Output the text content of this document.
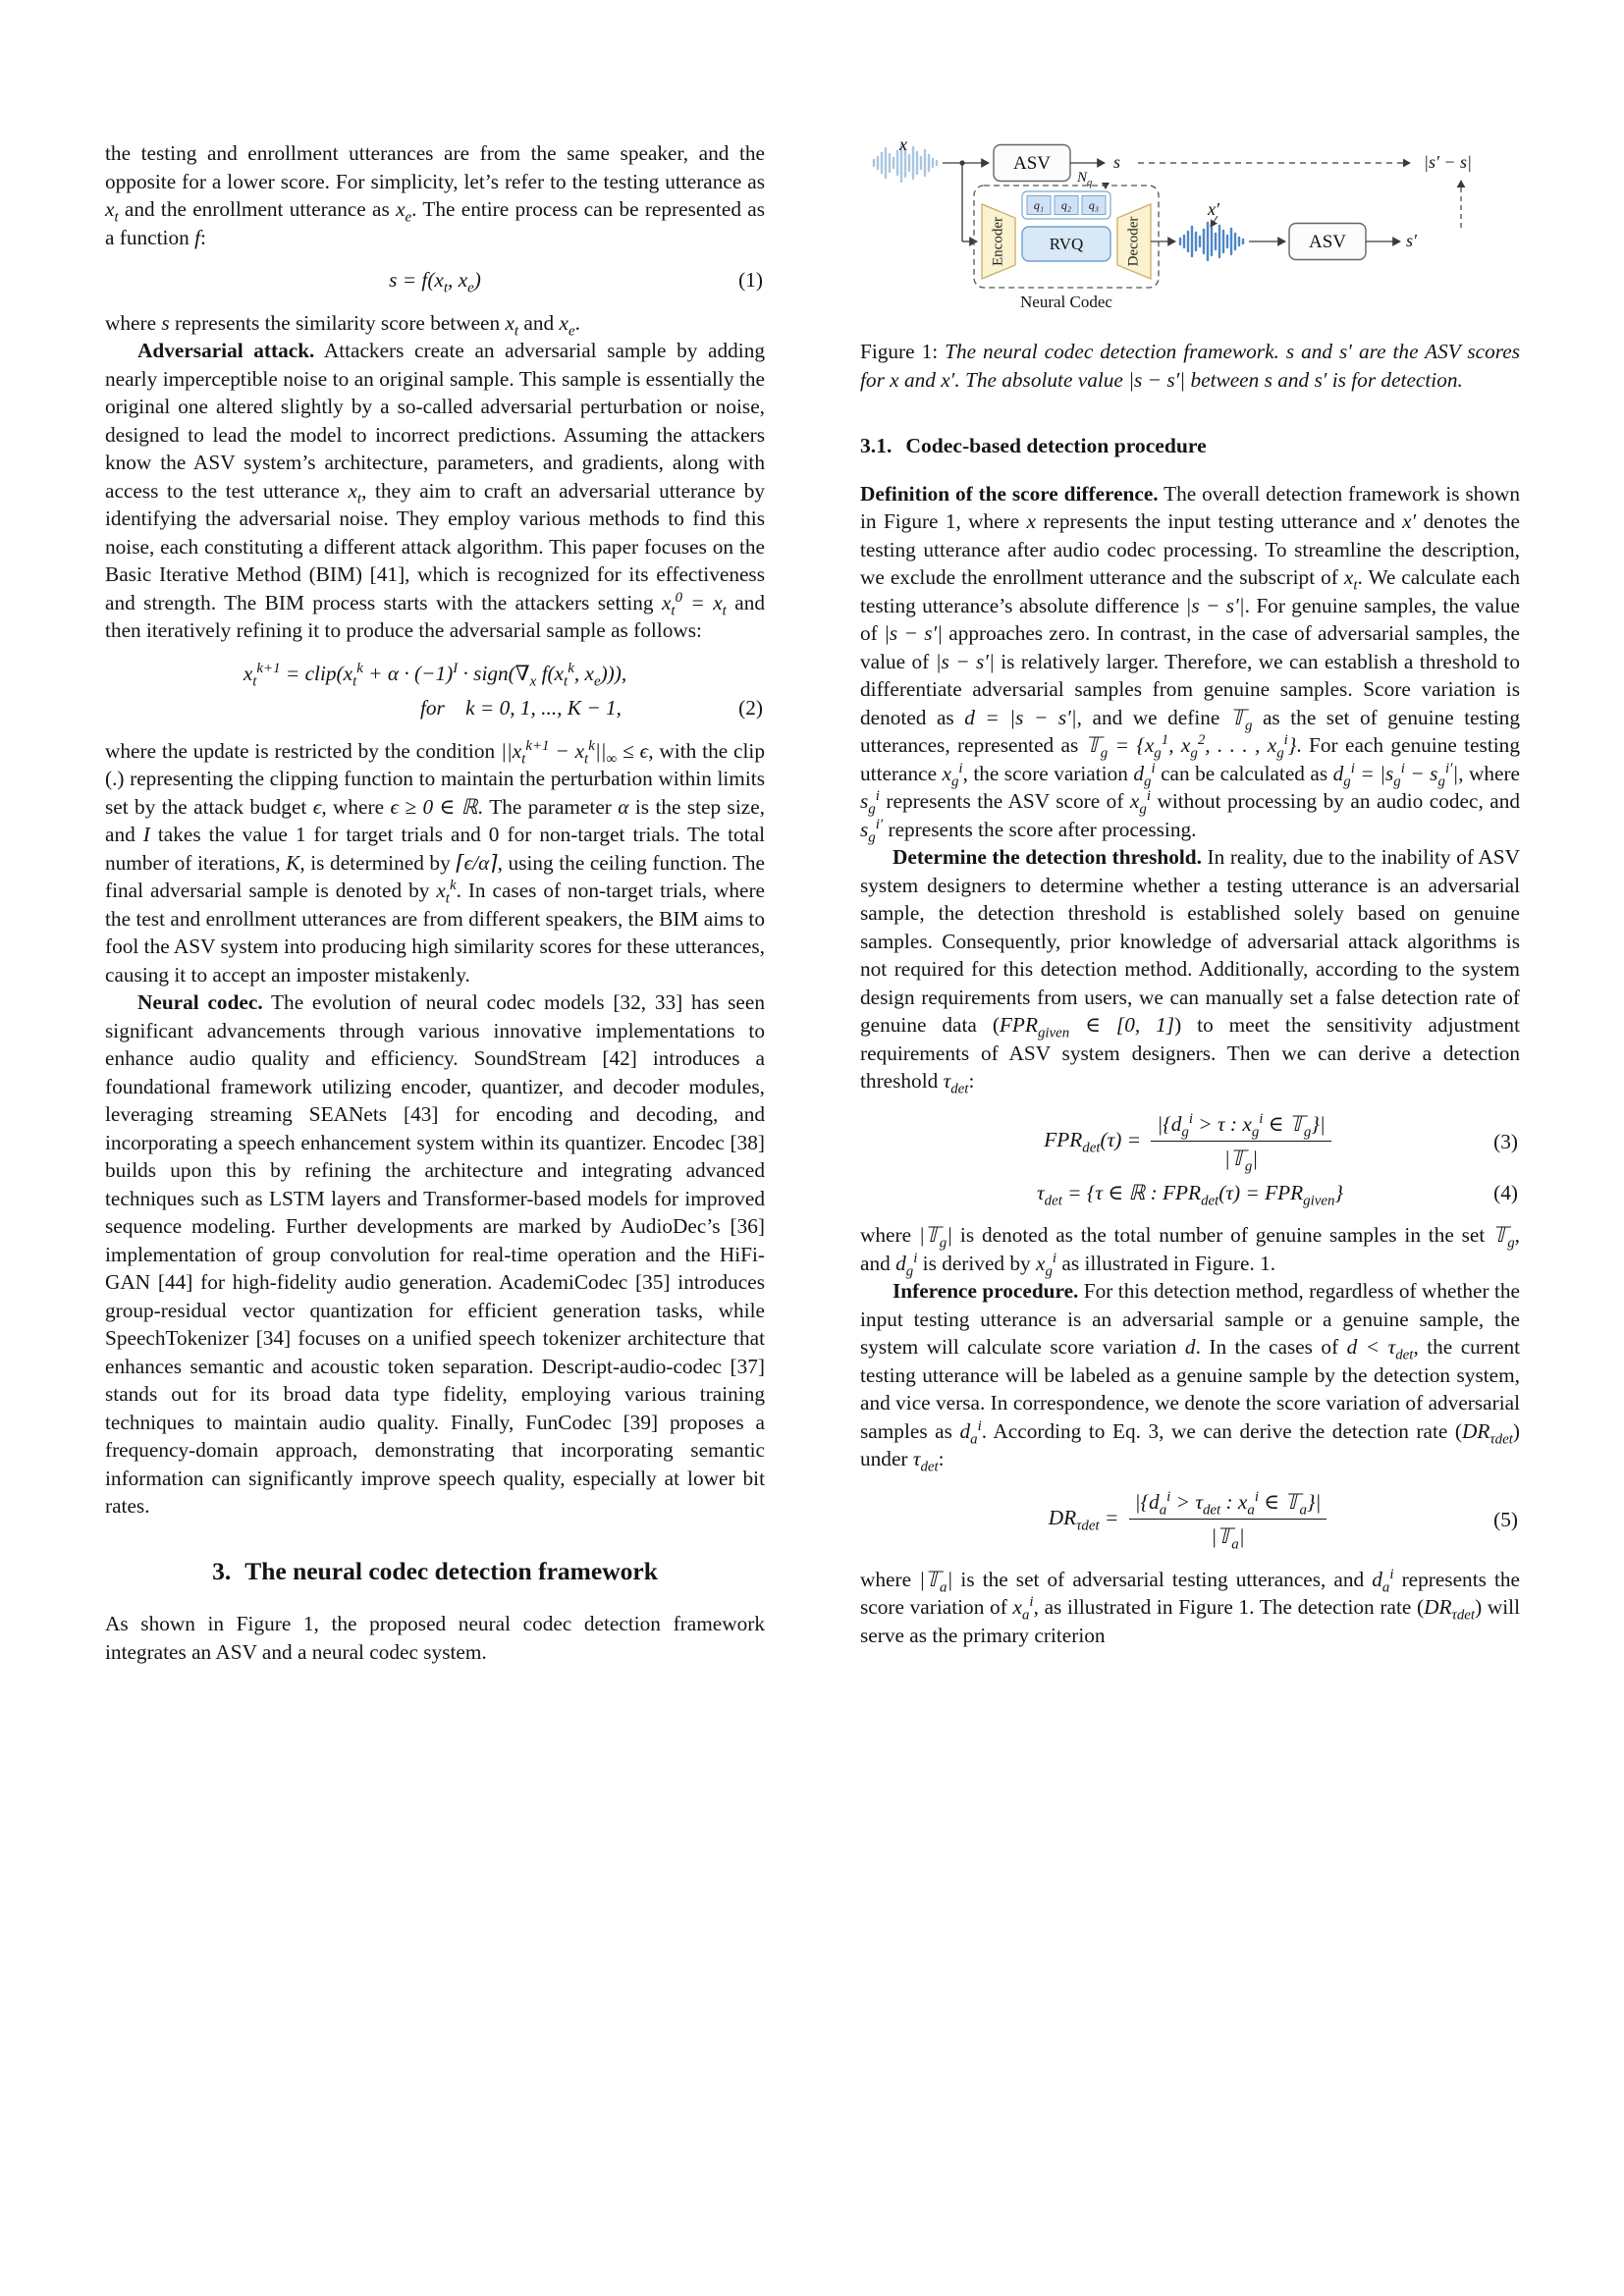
the testing and enrollment utterances are from the same speaker, and the opposite for a lower score. For simplicity, let’s refer to the testing utterance as $x_t$ and the enrollment utterance as $x_e$. The entire process can be represented as a function f:

$s = f(x_t$, $x_e$)	(1)

where s represents the similarity score between $x_t$ and $x_e$.

Adversarial attack. Attackers create an adversarial sample by adding nearly imperceptible noise to an original sample. This sample is essentially the original one altered slightly by a so-called adversarial perturbation or noise, designed to lead the model to incorrect predictions. Assuming the attackers know the ASV system’s architecture, parameters, and gradients, along with access to the test utterance $x_t$, they aim to craft an adversarial utterance by identifying the adversarial noise. They employ various methods to find this noise, each constituting a different attack algorithm. This paper focuses on the Basic Iterative Method (BIM) [41], which is recognized for its effectiveness and strength. The BIM process starts with the attackers setting $x_t^0 = x_t$ and then iteratively refining it to produce the adversarial sample as follows:

$x_t^{k+1}$ = $clip(x_t^k + \alpha \cdot (-1)^I$ · $sign(\nabla_x$ $f(x_t^k$, $x_e$))),
for  k = 0, 1, ..., K − 1,	(2)

where the update is restricted by the condition $||x_t^{k+1} - x_t^k||_\infty \le \epsilon$, with the clip (.) representing the clipping function to maintain the perturbation within limits set by the attack budget ϵ, where ϵ ≥ 0 ∈ ℝ. The parameter α is the step size, and I takes the value 1 for target trials and 0 for non-target trials. The total number of iterations, K, is determined by ⌈ϵ/α⌉, using the ceiling function. The final adversarial sample is denoted by $x_t^k$. In cases of non-target trials, where the test and enrollment utterances are from different speakers, the BIM aims to fool the ASV system into producing high similarity scores for these utterances, causing it to accept an imposter mistakenly.

Neural codec. The evolution of neural codec models [32, 33] has seen significant advancements through various innovative implementations to enhance audio quality and efficiency. SoundStream [42] introduces a foundational framework utilizing encoder, quantizer, and decoder modules, leveraging streaming SEANets [43] for encoding and decoding, and incorporating a speech enhancement system within its quantizer. Encodec [38] builds upon this by refining the architecture and integrating advanced techniques such as LSTM layers and Transformer-based models for improved sequence modeling. Further developments are marked by AudioDec’s [36] implementation of group convolution for real-time operation and the HiFi-GAN [44] for high-fidelity audio generation. AcademiCodec [35] introduces group-residual vector quantization for efficient generation tasks, while SpeechTokenizer [34] focuses on a unified speech tokenizer architecture that enhances semantic and acoustic token separation. Descript-audio-codec [37] stands out for its broad data type fidelity, employing various training techniques to maintain audio quality. Finally, FunCodec [39] proposes a frequency-domain approach, demonstrating that incorporating semantic information can significantly improve speech quality, especially at lower bit rates.

3. The neural codec detection framework

As shown in Figure 1, the proposed neural codec detection framework integrates an ASV and a neural codec system.

x
ASV	s	|s′ − s|
$N_q$
q₁	q₂	q₃
Encoder	RVQ	Decoder
x′
ASV	s′
Neural Codec

Figure 1: The neural codec detection framework. s and s′ are the ASV scores for x and x′. The absolute value |s − s′| between s and s′ is for detection.

3.1. Codec-based detection procedure

Definition of the score difference. The overall detection framework is shown in Figure 1, where x represents the input testing utterance and x′ denotes the testing utterance after audio codec processing. To streamline the description, we exclude the enrollment utterance and the subscript of $x_t$. We calculate each testing utterance’s absolute difference |s − s′|. For genuine samples, the value of |s − s′| approaches zero. In contrast, in the case of adversarial samples, the value of |s − s′| is relatively larger. Therefore, we can establish a threshold to differentiate adversarial samples from genuine samples. Score variation is denoted as d = |s − s′|, and we define 𝕋$_g$ as the set of genuine testing utterances, represented as 𝕋$_g$ = {$x_g^1$, $x_g^2$, . . . , $x_g^i$}. For each genuine testing utterance $x_g^i$, the score variation $d_g^i$ can be calculated as $d_g^i = |s_g^i - s_g^{i'}|$, where $s_g^i$ represents the ASV score of $x_g^i$ without processing by an audio codec, and $s_g^{i'}$ represents the score after processing.

Determine the detection threshold. In reality, due to the inability of ASV system designers to determine whether a testing utterance is an adversarial sample, the detection threshold is established solely based on genuine samples. Consequently, prior knowledge of adversarial attack algorithms is not required for this detection method. Additionally, according to the system design requirements from users, we can manually set a false detection rate of genuine data ($FPR_{given}$ ∈ [0, 1]) to meet the sensitivity adjustment requirements of ASV system designers. Then we can derive a detection threshold $\tau_{det}$:

$FPR_{det}(\tau) = \frac{|\{d_g^i > \tau : x_g^i \in 𝕋_g\}|}{|𝕋_g|}$	(3)
$\tau_{det} = \{\tau$ ∈ ℝ : $FPR_{det}(\tau) = FPR_{given}$}	(4)

where |𝕋$_g$| is denoted as the total number of genuine samples in the set 𝕋$_g$, and $d_g^i$ is derived by $x_g^i$ as illustrated in Figure. 1.

Inference procedure. For this detection method, regardless of whether the input testing utterance is an adversarial sample or a genuine sample, the system will calculate score variation d. In the cases of $d < \tau_{det}$, the current testing utterance will be labeled as a genuine sample by the detection system, and vice versa. In correspondence, we denote the score variation of adversarial samples as $d_a^i$. According to Eq. 3, we can derive the detection rate $(DR_{\tau det})$ under $\tau_{det}$:

$DR_{\tau det} = \frac{|\{d_a^i > \tau_{det} : x_a^i \in 𝕋_a\}|}{|𝕋_a|}$	(5)

where |𝕋$_a$| is the set of adversarial testing utterances, and $d_a^i$ represents the score variation of $x_a^i$, as illustrated in Figure 1. The detection rate $(DR_{\tau det})$ will serve as the primary criterion
